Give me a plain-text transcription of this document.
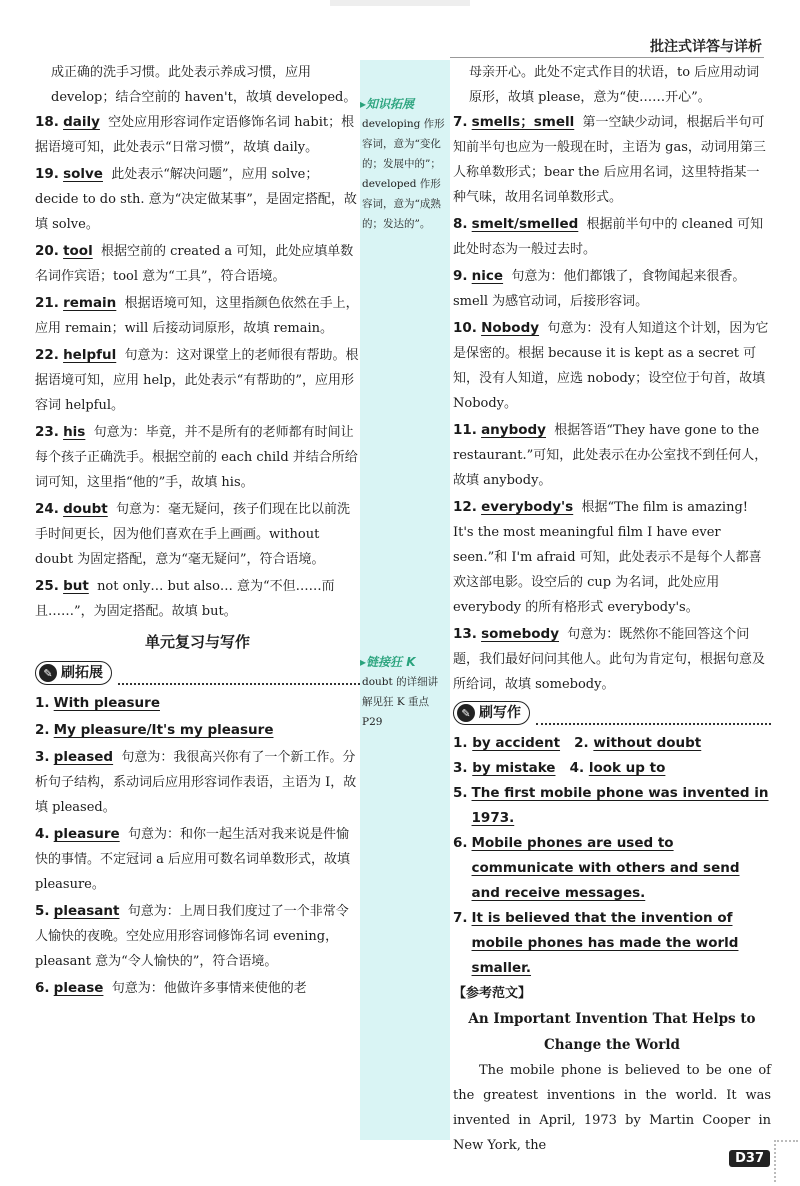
批注式详答与详析
▸知识拓展
developing 作形容词，意为“变化的；发展中的”；developed 作形容词，意为“成熟的；发达的”。
▸链接狂 K
doubt 的详细讲解见狂 K 重点 P29
成正确的洗手习惯。此处表示养成习惯，应用 develop；结合空前的 haven't，故填 developed。
18. daily 空处应用形容词作定语修饰名词 habit；根据语境可知，此处表示“日常习惯”，故填 daily。
19. solve 此处表示“解决问题”，应用 solve；decide to do sth. 意为“决定做某事”，是固定搭配，故填 solve。
20. tool 根据空前的 created a 可知，此处应填单数名词作宾语；tool 意为“工具”，符合语境。
21. remain 根据语境可知，这里指颜色依然在手上，应用 remain；will 后接动词原形，故填 remain。
22. helpful 句意为：这对课堂上的老师很有帮助。根据语境可知，应用 help，此处表示“有帮助的”，应用形容词 helpful。
23. his 句意为：毕竟，并不是所有的老师都有时间让每个孩子正确洗手。根据空前的 each child 并结合所给词可知，这里指“他的”手，故填 his。
24. doubt 句意为：毫无疑问，孩子们现在比以前洗手时间更长，因为他们喜欢在手上画画。without doubt 为固定搭配，意为“毫无疑问”，符合语境。
25. but not only… but also… 意为“不但……而且……”，为固定搭配。故填 but。
单元复习与写作
✎ 刷拓展
1. With pleasure
2. My pleasure/It's my pleasure
3. pleased 句意为：我很高兴你有了一个新工作。分析句子结构，系动词后应用形容词作表语，主语为 I，故填 pleased。
4. pleasure 句意为：和你一起生活对我来说是件愉快的事情。不定冠词 a 后应用可数名词单数形式，故填 pleasure。
5. pleasant 句意为：上周日我们度过了一个非常令人愉快的夜晚。空处应用形容词修饰名词 evening，pleasant 意为“令人愉快的”，符合语境。
6. please 句意为：他做许多事情来使他的老
母亲开心。此处不定式作目的状语，to 后应用动词原形，故填 please，意为“使……开心”。
7. smells；smell 第一空缺少动词，根据后半句可知前半句也应为一般现在时，主语为 gas，动词用第三人称单数形式；bear the 后应用名词，这里特指某一种气味，故用名词单数形式。
8. smelt/smelled 根据前半句中的 cleaned 可知此处时态为一般过去时。
9. nice 句意为：他们都饿了，食物闻起来很香。smell 为感官动词，后接形容词。
10. Nobody 句意为：没有人知道这个计划，因为它是保密的。根据 because it is kept as a secret 可知，没有人知道，应选 nobody；设空位于句首，故填 Nobody。
11. anybody 根据答语“They have gone to the restaurant.”可知，此处表示在办公室找不到任何人，故填 anybody。
12. everybody's 根据“The film is amazing! It's the most meaningful film I have ever seen.”和 I'm afraid 可知，此处表示不是每个人都喜欢这部电影。设空后的 cup 为名词，此处应用 everybody 的所有格形式 everybody's。
13. somebody 句意为：既然你不能回答这个问题，我们最好问问其他人。此句为肯定句，根据句意及所给词，故填 somebody。
✎ 刷写作
1. by accident 2. without doubt
3. by mistake 4. look up to
5. The first mobile phone was invented in 1973.
6. Mobile phones are used to communicate with others and send and receive messages.
7. It is believed that the invention of mobile phones has made the world smaller.
【参考范文】
An Important Invention That Helps to
Change the World
The mobile phone is believed to be one of the greatest inventions in the world. It was invented in April, 1973 by Martin Cooper in New York, the
D37
